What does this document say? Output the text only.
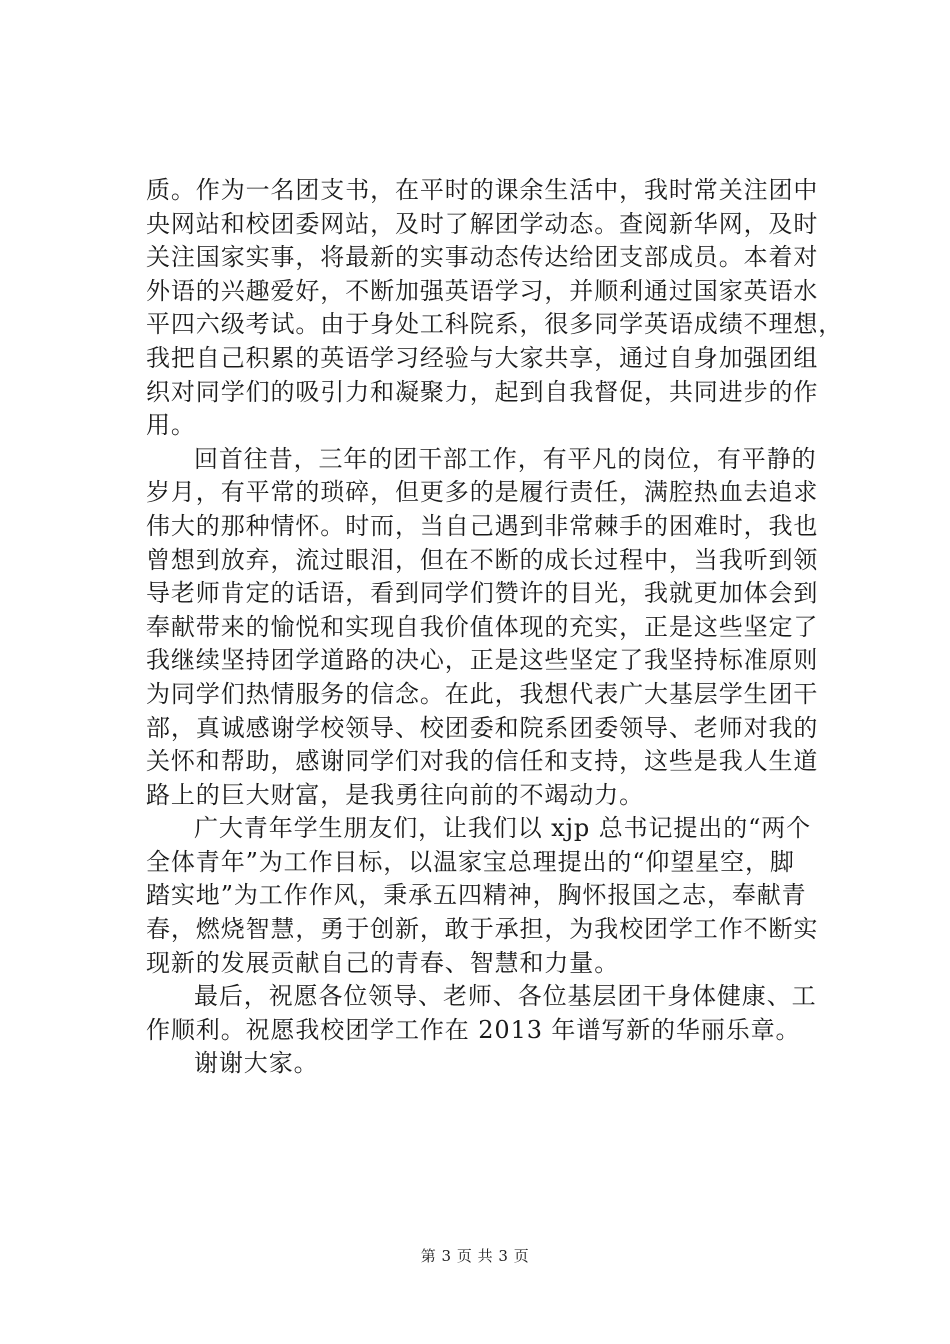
质。作为一名团支书，在平时的课余生活中，我时常关注团中
央网站和校团委网站，及时了解团学动态。查阅新华网，及时
关注国家实事，将最新的实事动态传达给团支部成员。本着对
外语的兴趣爱好，不断加强英语学习，并顺利通过国家英语水
平四六级考试。由于身处工科院系，很多同学英语成绩不理想，
我把自己积累的英语学习经验与大家共享，通过自身加强团组
织对同学们的吸引力和凝聚力，起到自我督促，共同进步的作
用。
回首往昔，三年的团干部工作，有平凡的岗位，有平静的
岁月，有平常的琐碎，但更多的是履行责任，满腔热血去追求
伟大的那种情怀。时而，当自己遇到非常棘手的困难时，我也
曾想到放弃，流过眼泪，但在不断的成长过程中，当我听到领
导老师肯定的话语，看到同学们赞许的目光，我就更加体会到
奉献带来的愉悦和实现自我价值体现的充实，正是这些坚定了
我继续坚持团学道路的决心，正是这些坚定了我坚持标准原则
为同学们热情服务的信念。在此，我想代表广大基层学生团干
部，真诚感谢学校领导、校团委和院系团委领导、老师对我的
关怀和帮助，感谢同学们对我的信任和支持，这些是我人生道
路上的巨大财富，是我勇往向前的不竭动力。
广大青年学生朋友们，让我们以 xjp 总书记提出的“两个
全体青年”为工作目标，以温家宝总理提出的“仰望星空，脚
踏实地”为工作作风，秉承五四精神，胸怀报国之志，奉献青
春，燃烧智慧，勇于创新，敢于承担，为我校团学工作不断实
现新的发展贡献自己的青春、智慧和力量。
最后，祝愿各位领导、老师、各位基层团干身体健康、工
作顺利。祝愿我校团学工作在 2013 年谱写新的华丽乐章。
谢谢大家。
第 3 页 共 3 页
